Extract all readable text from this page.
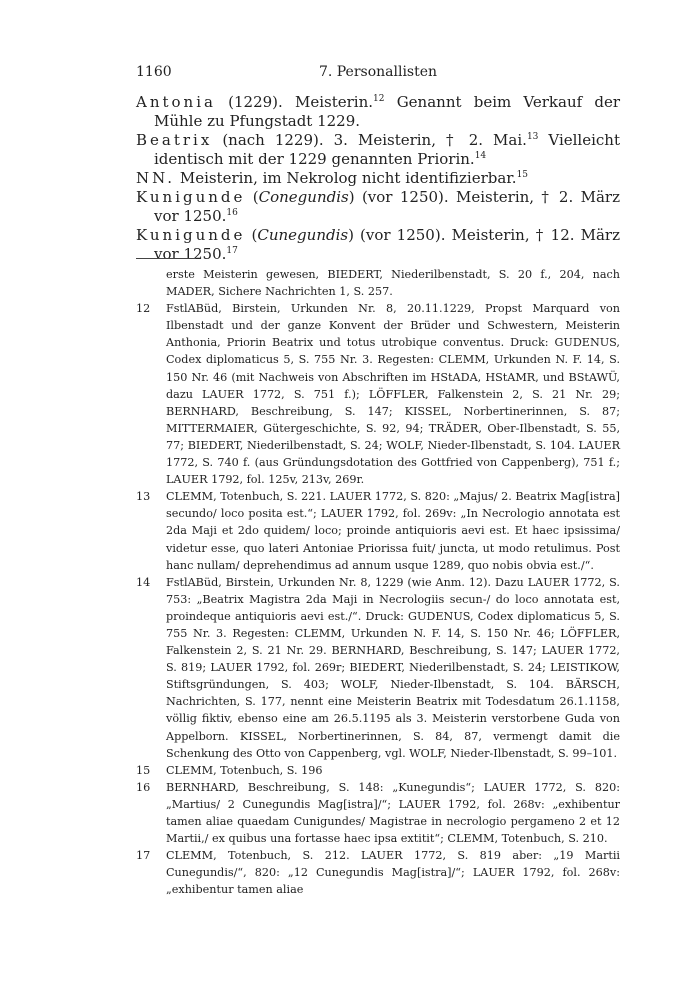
1160	7. Personallisten
Antonia (1229). Meisterin.$^{12}$ Genannt beim Verkauf der Mühle zu Pfungstadt 1229.
Beatrix (nach 1229). 3. Meisterin, † 2. Mai.$^{13}$ Vielleicht identisch mit der 1229 genannten Priorin.$^{14}$
NN. Meisterin, im Nekrolog nicht identifizierbar.$^{15}$
Kunigunde (Conegundis) (vor 1250). Meisterin, † 2. März vor 1250.16
Kunigunde (Cunegundis) (vor 1250). Meisterin, † 12. März vor 1250.17
erste Meisterin gewesen, BIEDERT, Niederilbenstadt, S. 20 f., 204, nach MADER, Sichere Nachrichten 1, S. 257.
12 FstlABüd, Birstein, Urkunden Nr. 8, 20.11.1229, Propst Marquard von Ilbenstadt und der ganze Konvent der Brüder und Schwestern, Meisterin Anthonia, Priorin Beatrix und totus utrobique conventus. Druck: GUDENUS, Codex diplomaticus 5, S. 755 Nr. 3. Regesten: CLEMM, Urkunden N. F. 14, S. 150 Nr. 46 (mit Nachweis von Abschriften im HStADA, HStAMR, und BStAWÜ, dazu LAUER 1772, S. 751 f.); LÖFFLER, Falkenstein 2, S. 21 Nr. 29; BERNHARD, Beschreibung, S. 147; KISSEL, Norbertinerinnen, S. 87; MITTERMAIER, Gütergeschichte, S. 92, 94; TRÄDER, Ober-Ilbenstadt, S. 55, 77; BIEDERT, Niederilbenstadt, S. 24; WOLF, Nieder-Ilbenstadt, S. 104. LAUER 1772, S. 740 f. (aus Gründungsdotation des Gottfried von Cappenberg), 751 f.; LAUER 1792, fol. 125v, 213v, 269r.
13 CLEMM, Totenbuch, S. 221. LAUER 1772, S. 820: „Majus/ 2. Beatrix Mag[istra] secundo/ loco posita est.“; LAUER 1792, fol. 269v: „In Necrologio annotata est 2da Maji et 2do quidem/ loco; proinde antiquioris aevi est. Et haec ipsissima/ videtur esse, quo lateri Antoniae Priorissa fuit/ juncta, ut modo retulimus. Post hanc nullam/ deprehendimus ad annum usque 1289, quo nobis obvia est./“.
14 FstlABüd, Birstein, Urkunden Nr. 8, 1229 (wie Anm. 12). Dazu LAUER 1772, S. 753: „Beatrix Magistra 2da Maji in Necrologiis secun-/ do loco annotata est, proindeque antiquioris aevi est./“. Druck: GUDENUS, Codex diplomaticus 5, S. 755 Nr. 3. Regesten: CLEMM, Urkunden N. F. 14, S. 150 Nr. 46; LÖFFLER, Falkenstein 2, S. 21 Nr. 29. BERNHARD, Beschreibung, S. 147; LAUER 1772, S. 819; LAUER 1792, fol. 269r; BIEDERT, Niederilbenstadt, S. 24; LEISTIKOW, Stiftsgründungen, S. 403; WOLF, Nieder-Ilbenstadt, S. 104. BÄRSCH, Nachrichten, S. 177, nennt eine Meisterin Beatrix mit Todesdatum 26.1.1158, völlig fiktiv, ebenso eine am 26.5.1195 als 3. Meisterin verstorbene Guda von Appelborn. KISSEL, Norbertinerinnen, S. 84, 87, vermengt damit die Schenkung des Otto von Cappenberg, vgl. WOLF, Nieder-Ilbenstadt, S. 99–101.
15 CLEMM, Totenbuch, S. 196
16 BERNHARD, Beschreibung, S. 148: „Kunegundis“; LAUER 1772, S. 820: „Martius/ 2 Cunegundis Mag[istra]/“; LAUER 1792, fol. 268v: „exhibentur tamen aliae quaedam Cunigundes/ Magistrae in necrologio pergameno 2 et 12 Martii,/ ex quibus una fortasse haec ipsa extitit“; CLEMM, Totenbuch, S. 210.
17 CLEMM, Totenbuch, S. 212. LAUER 1772, S. 819 aber: „19 Martii Cunegundis/“, 820: „12 Cunegundis Mag[istra]/“; LAUER 1792, fol. 268v: „exhibentur tamen aliae
